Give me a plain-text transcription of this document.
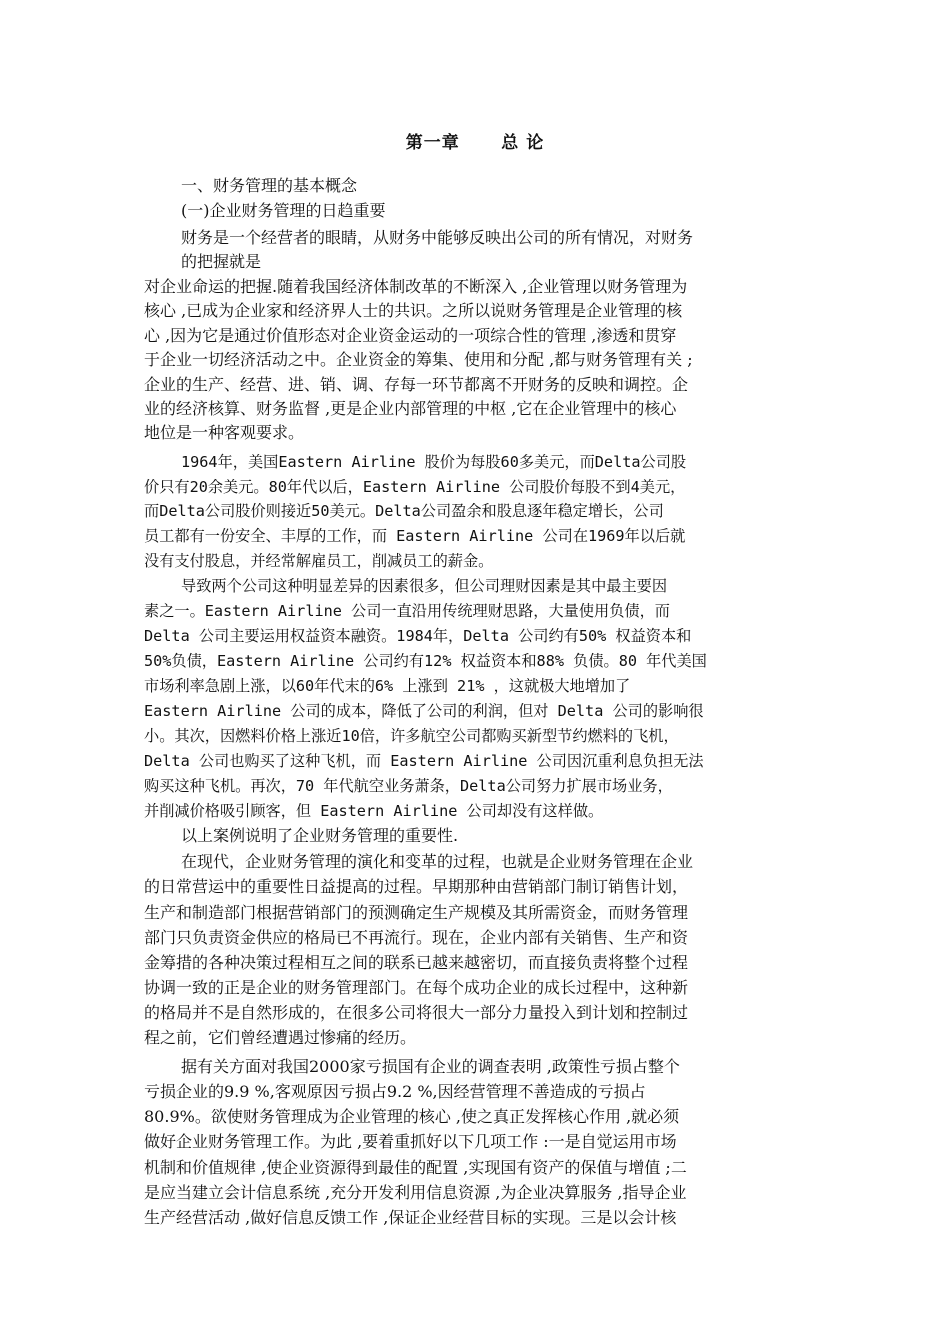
第一章      总 论
一、财务管理的基本概念
(一)企业财务管理的日趋重要
财务是一个经营者的眼睛，从财务中能够反映出公司的所有情况，对财务
的把握就是
对企业命运的把握.随着我国经济体制改革的不断深入 ,企业管理以财务管理为
核心 ,已成为企业家和经济界人士的共识。之所以说财务管理是企业管理的核
心 ,因为它是通过价值形态对企业资金运动的一项综合性的管理 ,渗透和贯穿
于企业一切经济活动之中。企业资金的筹集、使用和分配 ,都与财务管理有关 ;
企业的生产、经营、进、销、调、存每一环节都离不开财务的反映和调控。企
业的经济核算、财务监督 ,更是企业内部管理的中枢 ,它在企业管理中的核心
地位是一种客观要求。
1964年，美国Eastern Airline 股价为每股60多美元，而Delta公司股
价只有20余美元。80年代以后，Eastern Airline 公司股价每股不到4美元，
而Delta公司股价则接近50美元。Delta公司盈余和股息逐年稳定增长，公司
员工都有一份安全、丰厚的工作，而 Eastern Airline 公司在1969年以后就
没有支付股息，并经常解雇员工，削减员工的薪金。
导致两个公司这种明显差异的因素很多，但公司理财因素是其中最主要因
素之一。Eastern Airline 公司一直沿用传统理财思路，大量使用负债，而
Delta 公司主要运用权益资本融资。1984年，Delta 公司约有50% 权益资本和
50%负债，Eastern Airline 公司约有12% 权益资本和88% 负债。80 年代美国
市场利率急剧上涨，以60年代末的6% 上涨到 21% ，这就极大地增加了
Eastern Airline 公司的成本，降低了公司的利润，但对 Delta 公司的影响很
小。其次，因燃料价格上涨近10倍，许多航空公司都购买新型节约燃料的飞机，
Delta 公司也购买了这种飞机，而 Eastern Airline 公司因沉重利息负担无法
购买这种飞机。再次，70 年代航空业务萧条，Delta公司努力扩展市场业务，
并削减价格吸引顾客，但 Eastern Airline 公司却没有这样做。
以上案例说明了企业财务管理的重要性.
在现代，企业财务管理的演化和变革的过程，也就是企业财务管理在企业
的日常营运中的重要性日益提高的过程。早期那种由营销部门制订销售计划，
生产和制造部门根据营销部门的预测确定生产规模及其所需资金，而财务管理
部门只负责资金供应的格局已不再流行。现在，企业内部有关销售、生产和资
金筹措的各种决策过程相互之间的联系已越来越密切，而直接负责将整个过程
协调一致的正是企业的财务管理部门。在每个成功企业的成长过程中，这种新
的格局并不是自然形成的，在很多公司将很大一部分力量投入到计划和控制过
程之前，它们曾经遭遇过惨痛的经历。
据有关方面对我国2000家亏损国有企业的调查表明 ,政策性亏损占整个
亏损企业的9.9 %,客观原因亏损占9.2 %,因经营管理不善造成的亏损占
80.9%。欲使财务管理成为企业管理的核心 ,使之真正发挥核心作用 ,就必须
做好企业财务管理工作。为此 ,要着重抓好以下几项工作 :一是自觉运用市场
机制和价值规律 ,使企业资源得到最佳的配置 ,实现国有资产的保值与增值 ;二
是应当建立会计信息系统 ,充分开发利用信息资源 ,为企业决算服务 ,指导企业
生产经营活动 ,做好信息反馈工作 ,保证企业经营目标的实现。三是以会计核
